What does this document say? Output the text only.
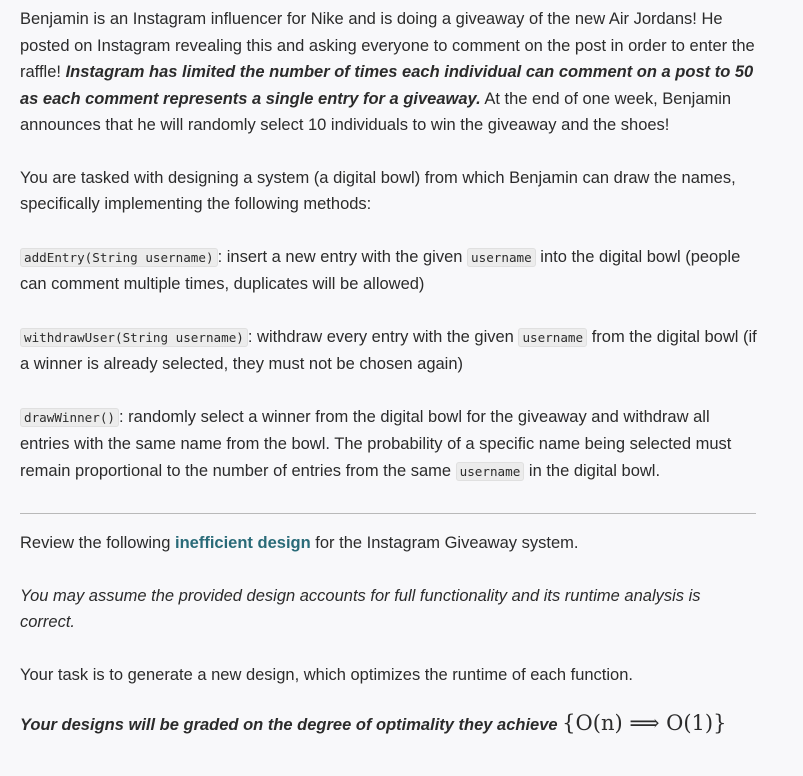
Benjamin is an Instagram influencer for Nike and is doing a giveaway of the new Air Jordans! He posted on Instagram revealing this and asking everyone to comment on the post in order to enter the raffle! Instagram has limited the number of times each individual can comment on a post to 50 as each comment represents a single entry for a giveaway. At the end of one week, Benjamin announces that he will randomly select 10 individuals to win the giveaway and the shoes!

You are tasked with designing a system (a digital bowl) from which Benjamin can draw the names, specifically implementing the following methods:

addEntry(String username) : insert a new entry with the given username into the digital bowl (people can comment multiple times, duplicates will be allowed)

withdrawUser(String username) : withdraw every entry with the given username from the digital bowl (if a winner is already selected, they must not be chosen again)

drawWinner() : randomly select a winner from the digital bowl for the giveaway and withdraw all entries with the same name from the bowl. The probability of a specific name being selected must remain proportional to the number of entries from the same username in the digital bowl.

Review the following inefficient design for the Instagram Giveaway system.

You may assume the provided design accounts for full functionality and its runtime analysis is correct.

Your task is to generate a new design, which optimizes the runtime of each function.

Your designs will be graded on the degree of optimality they achieve {O(n) ⟹ O(1)}
